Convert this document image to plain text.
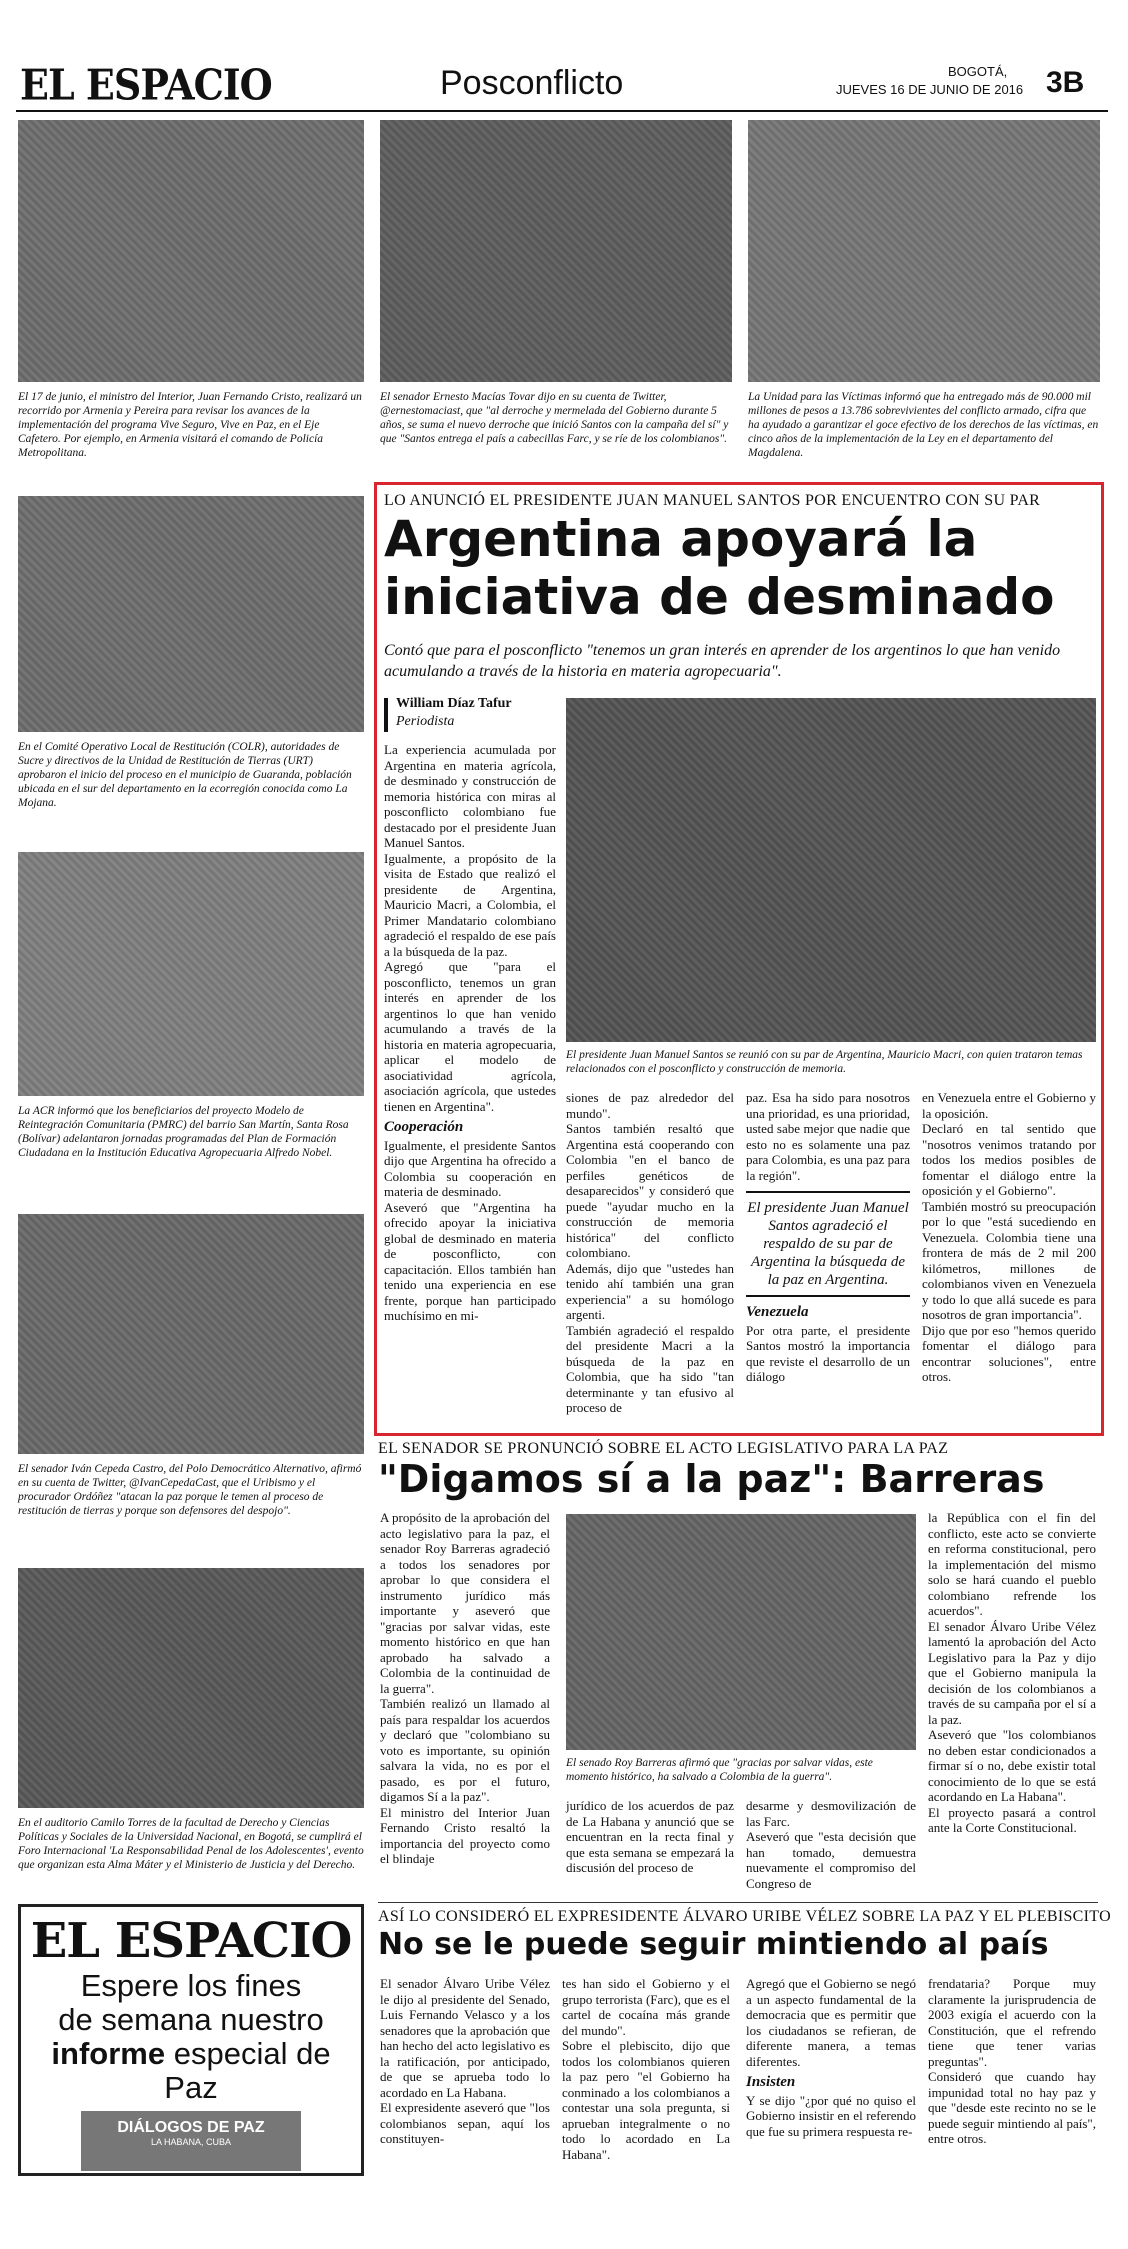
EL ESPACIO	Posconflicto	BOGOTÁ,
JUEVES 16 DE JUNIO DE 2016 3B
El 17 de junio, el ministro del Interior, Juan Fernando Cristo, realizará un recorrido por Armenia y Pereira para revisar los avances de la implementación del programa Vive Seguro, Vive en Paz, en el Eje Cafetero. Por ejemplo, en Armenia visitará el comando de Policía Metropolitana.
El senador Ernesto Macías Tovar dijo en su cuenta de Twitter, @ernestomaciast, que "al derroche y mermelada del Gobierno durante 5 años, se suma el nuevo derroche que inició Santos con la campaña del sí" y que "Santos entrega el país a cabecillas Farc, y se ríe de los colombianos".
La Unidad para las Víctimas informó que ha entregado más de 90.000 mil millones de pesos a 13.786 sobrevivientes del conflicto armado, cifra que ha ayudado a garantizar el goce efectivo de los derechos de las víctimas, en cinco años de la implementación de la Ley en el departamento del Magdalena.
En el Comité Operativo Local de Restitución (COLR), autoridades de Sucre y directivos de la Unidad de Restitución de Tierras (URT) aprobaron el inicio del proceso en el municipio de Guaranda, población ubicada en el sur del departamento en la ecorregión conocida como La Mojana.
La ACR informó que los beneficiarios del proyecto Modelo de Reintegración Comunitaria (PMRC) del barrio San Martín, Santa Rosa (Bolívar) adelantaron jornadas programadas del Plan de Formación Ciudadana en la Institución Educativa Agropecuaria Alfredo Nobel.
El senador Iván Cepeda Castro, del Polo Democrático Alternativo, afirmó en su cuenta de Twitter, @IvanCepedaCast, que el Uribismo y el procurador Ordóñez "atacan la paz porque le temen al proceso de restitución de tierras y porque son defensores del despojo".
En el auditorio Camilo Torres de la facultad de Derecho y Ciencias Políticas y Sociales de la Universidad Nacional, en Bogotá, se cumplirá el Foro Internacional 'La Responsabilidad Penal de los Adolescentes', evento que organizan esta Alma Máter y el Ministerio de Justicia y del Derecho.
EL ESPACIO
Espere los fines
de semana nuestro
informe especial de Paz
DIÁLOGOS DE PAZ
LA HABANA, CUBA
LO ANUNCIÓ EL PRESIDENTE JUAN MANUEL SANTOS POR ENCUENTRO CON SU PAR
Argentina apoyará la
iniciativa de desminado
Contó que para el posconflicto "tenemos un gran interés en aprender de los argentinos lo que han venido acumulando a través de la historia en materia agropecuaria".
William Díaz Tafur
Periodista
El presidente Juan Manuel Santos se reunió con su par de Argentina, Mauricio Macri, con quien trataron temas relacionados con el posconflicto y construcción de memoria.

La experiencia acumulada por Argentina en materia agrícola, de desminado y construcción de memoria histórica con miras al posconflicto colombiano fue destacado por el presidente Juan Manuel Santos.

Igualmente, a propósito de la visita de Estado que realizó el presidente de Argentina, Mauricio Macri, a Colombia, el Primer Mandatario colombiano agradeció el respaldo de ese país a la búsqueda de la paz.

Agregó que "para el posconflicto, tenemos un gran interés en aprender de los argentinos lo que han venido acumulando a través de la historia en materia agropecuaria, aplicar el modelo de asociatividad agrícola, asociación agrícola, que ustedes tienen en Argentina".

Cooperación

Igualmente, el presidente Santos dijo que Argentina ha ofrecido a Colombia su cooperación en materia de desminado.

Aseveró que "Argentina ha ofrecido apoyar la iniciativa global de desminado en materia de posconflicto, con capacitación. Ellos también han tenido una experiencia en ese frente, porque han participado muchísimo en mi-

siones de paz alrededor del mundo".

Santos también resaltó que Argentina está cooperando con Colombia "en el banco de perfiles genéticos de desaparecidos" y consideró que puede "ayudar mucho en la construcción de memoria histórica" del conflicto colombiano.

Además, dijo que "ustedes han tenido ahí también una gran experiencia" a su homólogo argenti.

También agradeció el respaldo del presidente Macri a la búsqueda de la paz en Colombia, que ha sido "tan determinante y tan efusivo al proceso de

paz. Esa ha sido para nosotros una prioridad, es una prioridad, usted sabe mejor que nadie que esto no es solamente una paz para Colombia, es una paz para la región".

El presidente Juan Manuel Santos agradeció el respaldo de su par de Argentina la búsqueda de la paz en Argentina.
Venezuela

Por otra parte, el presidente Santos mostró la importancia que reviste el desarrollo de un diálogo

en Venezuela entre el Gobierno y la oposición.

Declaró en tal sentido que "nosotros venimos tratando por todos los medios posibles de fomentar el diálogo entre la oposición y el Gobierno".

También mostró su preocupación por lo que "está sucediendo en Venezuela. Colombia tiene una frontera de más de 2 mil 200 kilómetros, millones de colombianos viven en Venezuela y todo lo que allá sucede es para nosotros de gran importancia".

Dijo que por eso "hemos querido fomentar el diálogo para encontrar soluciones", entre otros.

EL SENADOR SE PRONUNCIÓ SOBRE EL ACTO LEGISLATIVO PARA LA PAZ
"Digamos sí a la paz": Barreras

A propósito de la aprobación del acto legislativo para la paz, el senador Roy Barreras agradeció a todos los senadores por aprobar lo que considera el instrumento jurídico más importante y aseveró que "gracias por salvar vidas, este momento histórico en que han aprobado ha salvado a Colombia de la continuidad de la guerra".

También realizó un llamado al país para respaldar los acuerdos y declaró que "colombiano su voto es importante, su opinión salvara la vida, no es por el pasado, es por el futuro, digamos Sí a la paz".

El ministro del Interior Juan Fernando Cristo resaltó la importancia del proyecto como el blindaje

El senado Roy Barreras afirmó que "gracias por salvar vidas, este momento histórico, ha salvado a Colombia de la guerra".

jurídico de los acuerdos de paz de La Habana y anunció que se encuentran en la recta final y que esta semana se empezará la discusión del proceso de

desarme y desmovilización de las Farc.

Aseveró que "esta decisión que han tomado, demuestra nuevamente el compromiso del Congreso de

la República con el fin del conflicto, este acto se convierte en reforma constitucional, pero la implementación del mismo solo se hará cuando el pueblo colombiano refrende los acuerdos".

El senador Álvaro Uribe Vélez lamentó la aprobación del Acto Legislativo para la Paz y dijo que el Gobierno manipula la decisión de los colombianos a través de su campaña por el sí a la paz.

Aseveró que "los colombianos no deben estar condicionados a firmar sí o no, debe existir total conocimiento de lo que se está acordando en La Habana".

El proyecto pasará a control ante la Corte Constitucional.

ASÍ LO CONSIDERÓ EL EXPRESIDENTE ÁLVARO URIBE VÉLEZ SOBRE LA PAZ Y EL PLEBISCITO
No se le puede seguir mintiendo al país

El senador Álvaro Uribe Vélez le dijo al presidente del Senado, Luis Fernando Velasco y a los senadores que la aprobación que han hecho del acto legislativo es la ratificación, por anticipado, de que se aprueba todo lo acordado en La Habana.

El expresidente aseveró que "los colombianos sepan, aquí los constituyen-

tes han sido el Gobierno y el grupo terrorista (Farc), que es el cartel de cocaína más grande del mundo".

Sobre el plebiscito, dijo que todos los colombianos quieren la paz pero "el Gobierno ha conminado a los colombianos a contestar una sola pregunta, si aprueban integralmente o no todo lo acordado en La Habana".

Agregó que el Gobierno se negó a un aspecto fundamental de la democracia que es permitir que los ciudadanos se refieran, de diferente manera, a temas diferentes.

Insisten

Y se dijo "¿por qué no quiso el Gobierno insistir en el referendo que fue su primera respuesta re-

frendataria? Porque muy claramente la jurisprudencia de 2003 exigía el acuerdo con la Constitución, que el refrendo tiene que tener varias preguntas".

Consideró que cuando hay impunidad total no hay paz y que "desde este recinto no se le puede seguir mintiendo al país", entre otros.
